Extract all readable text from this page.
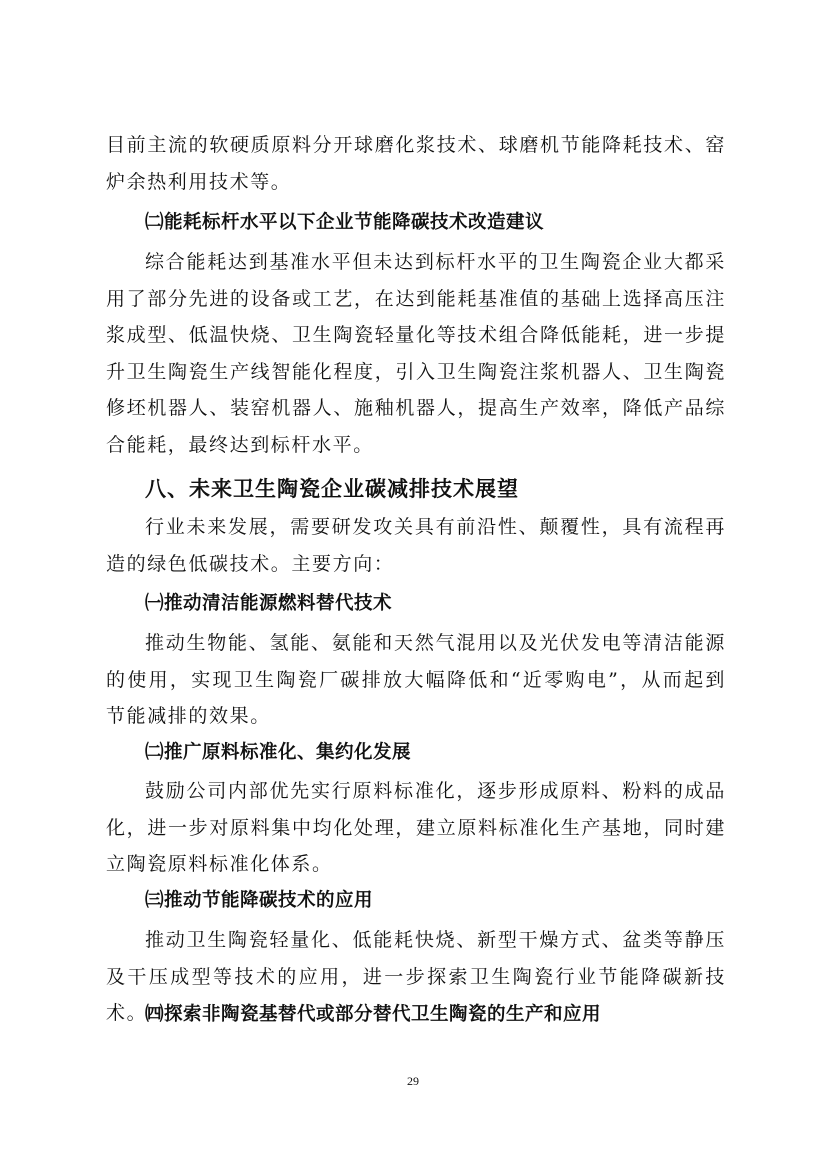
目前主流的软硬质原料分开球磨化浆技术、球磨机节能降耗技术、窑炉余热利用技术等。

㈡能耗标杆水平以下企业节能降碳技术改造建议

综合能耗达到基准水平但未达到标杆水平的卫生陶瓷企业大都采用了部分先进的设备或工艺，在达到能耗基准值的基础上选择高压注浆成型、低温快烧、卫生陶瓷轻量化等技术组合降低能耗，进一步提升卫生陶瓷生产线智能化程度，引入卫生陶瓷注浆机器人、卫生陶瓷修坯机器人、装窑机器人、施釉机器人，提高生产效率，降低产品综合能耗，最终达到标杆水平。

八、未来卫生陶瓷企业碳减排技术展望

行业未来发展，需要研发攻关具有前沿性、颠覆性，具有流程再造的绿色低碳技术。主要方向：

㈠推动清洁能源燃料替代技术

推动生物能、氢能、氨能和天然气混用以及光伏发电等清洁能源的使用，实现卫生陶瓷厂碳排放大幅降低和“近零购电”，从而起到节能减排的效果。

㈡推广原料标准化、集约化发展

鼓励公司内部优先实行原料标准化，逐步形成原料、粉料的成品化，进一步对原料集中均化处理，建立原料标准化生产基地，同时建立陶瓷原料标准化体系。

㈢推动节能降碳技术的应用

推动卫生陶瓷轻量化、低能耗快烧、新型干燥方式、盆类等静压及干压成型等技术的应用，进一步探索卫生陶瓷行业节能降碳新技术。

㈣探索非陶瓷基替代或部分替代卫生陶瓷的生产和应用
29
